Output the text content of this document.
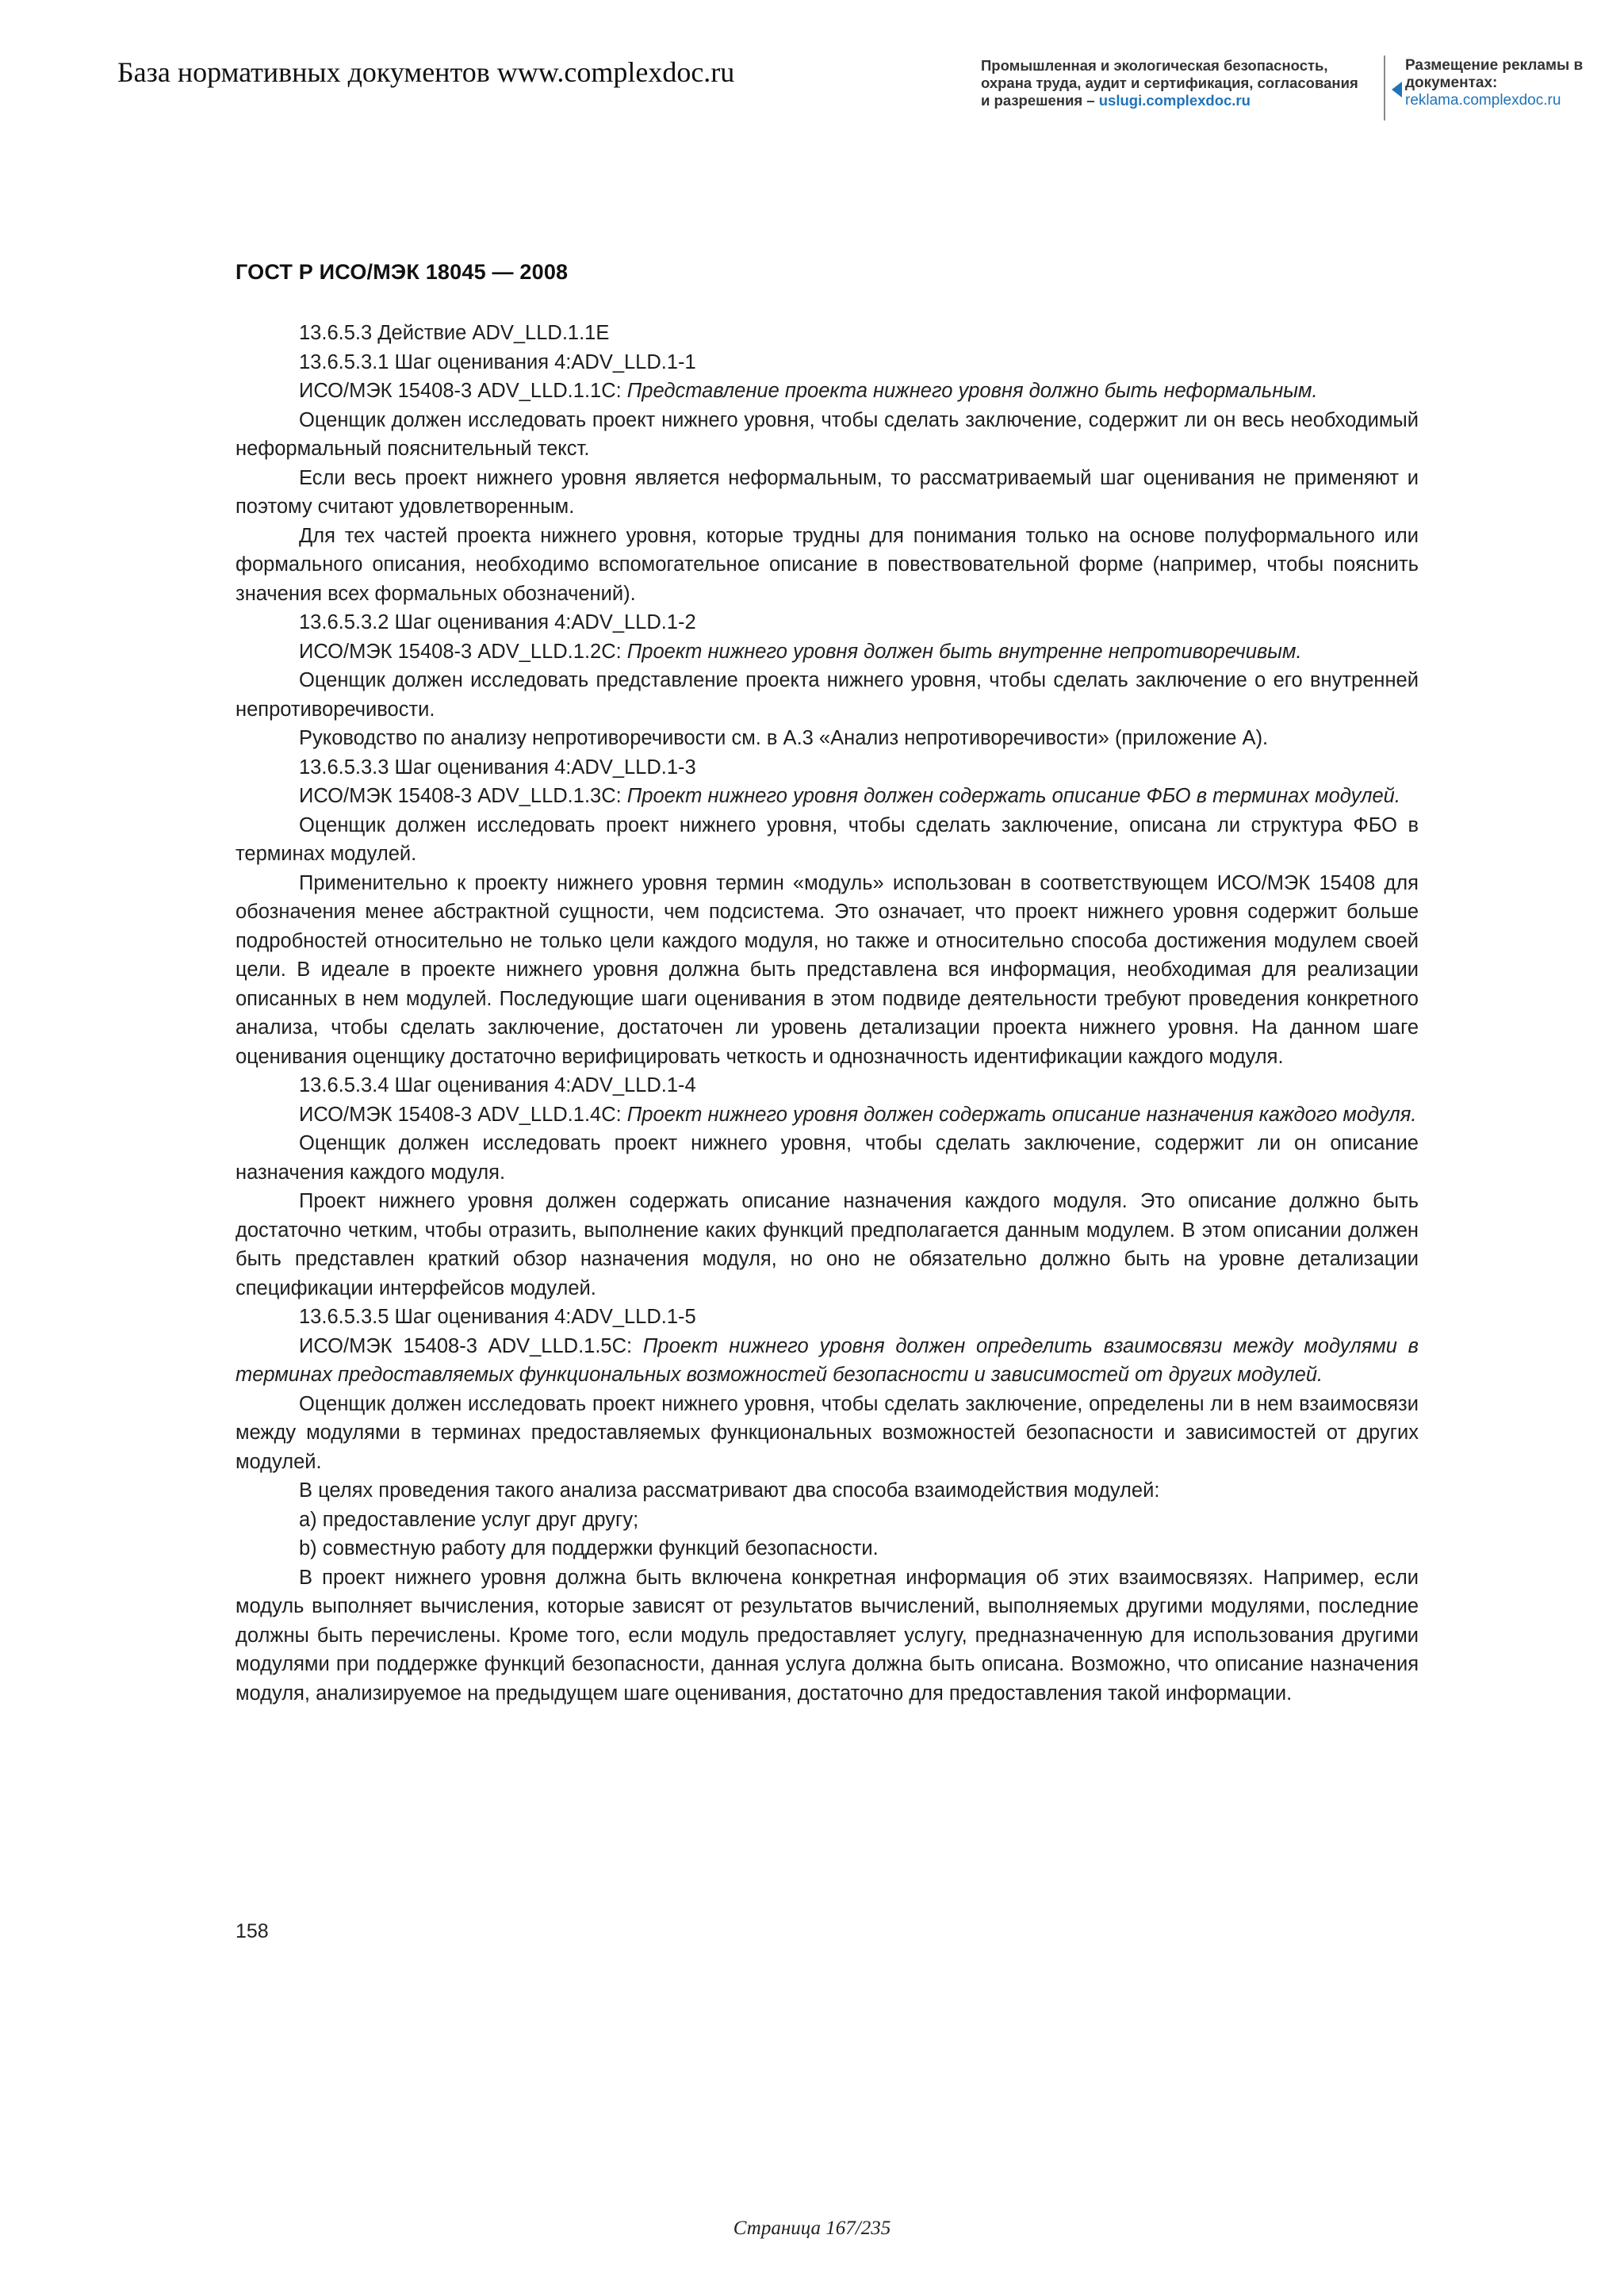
База нормативных документов www.complexdoc.ru	Промышленная и экологическая безопасность, охрана труда, аудит и сертификация, согласования и разрешения – uslugi.complexdoc.ru
Размещение рекламы в документах:
reklama.complexdoc.ru
ГОСТ Р ИСО/МЭК 18045 — 2008

13.6.5.3 Действие ADV_LLD.1.1E

13.6.5.3.1 Шаг оценивания 4:ADV_LLD.1-1

ИСО/МЭК 15408-3 ADV_LLD.1.1C: Представление проекта нижнего уровня должно быть неформальным.

Оценщик должен исследовать проект нижнего уровня, чтобы сделать заключение, содержит ли он весь необходимый неформальный пояснительный текст.

Если весь проект нижнего уровня является неформальным, то рассматриваемый шаг оценивания не применяют и поэтому считают удовлетворенным.

Для тех частей проекта нижнего уровня, которые трудны для понимания только на основе полуформального или формального описания, необходимо вспомогательное описание в повествовательной форме (например, чтобы пояснить значения всех формальных обозначений).

13.6.5.3.2 Шаг оценивания 4:ADV_LLD.1-2

ИСО/МЭК 15408-3 ADV_LLD.1.2C: Проект нижнего уровня должен быть внутренне непротиворечивым.

Оценщик должен исследовать представление проекта нижнего уровня, чтобы сделать заключение о его внутренней непротиворечивости.

Руководство по анализу непротиворечивости см. в А.3 «Анализ непротиворечивости» (приложение А).

13.6.5.3.3 Шаг оценивания 4:ADV_LLD.1-3

ИСО/МЭК 15408-3 ADV_LLD.1.3C: Проект нижнего уровня должен содержать описание ФБО в терминах модулей.

Оценщик должен исследовать проект нижнего уровня, чтобы сделать заключение, описана ли структура ФБО в терминах модулей.

Применительно к проекту нижнего уровня термин «модуль» использован в соответствующем ИСО/МЭК 15408 для обозначения менее абстрактной сущности, чем подсистема. Это означает, что проект нижнего уровня содержит больше подробностей относительно не только цели каждого модуля, но также и относительно способа достижения модулем своей цели. В идеале в проекте нижнего уровня должна быть представлена вся информация, необходимая для реализации описанных в нем модулей. Последующие шаги оценивания в этом подвиде деятельности требуют проведения конкретного анализа, чтобы сделать заключение, достаточен ли уровень детализации проекта нижнего уровня. На данном шаге оценивания оценщику достаточно верифицировать четкость и однозначность идентификации каждого модуля.

13.6.5.3.4 Шаг оценивания 4:ADV_LLD.1-4

ИСО/МЭК 15408-3 ADV_LLD.1.4C: Проект нижнего уровня должен содержать описание назначения каждого модуля.

Оценщик должен исследовать проект нижнего уровня, чтобы сделать заключение, содержит ли он описание назначения каждого модуля.

Проект нижнего уровня должен содержать описание назначения каждого модуля. Это описание должно быть достаточно четким, чтобы отразить, выполнение каких функций предполагается данным модулем. В этом описании должен быть представлен краткий обзор назначения модуля, но оно не обязательно должно быть на уровне детализации спецификации интерфейсов модулей.

13.6.5.3.5 Шаг оценивания 4:ADV_LLD.1-5

ИСО/МЭК 15408-3 ADV_LLD.1.5C: Проект нижнего уровня должен определить взаимосвязи между модулями в терминах предоставляемых функциональных возможностей безопасности и зависимостей от других модулей.

Оценщик должен исследовать проект нижнего уровня, чтобы сделать заключение, определены ли в нем взаимосвязи между модулями в терминах предоставляемых функциональных возможностей безопасности и зависимостей от других модулей.

В целях проведения такого анализа рассматривают два способа взаимодействия модулей:

a) предоставление услуг друг другу;

b) совместную работу для поддержки функций безопасности.

В проект нижнего уровня должна быть включена конкретная информация об этих взаимосвязях. Например, если модуль выполняет вычисления, которые зависят от результатов вычислений, выполняемых другими модулями, последние должны быть перечислены. Кроме того, если модуль предоставляет услугу, предназначенную для использования другими модулями при поддержке функций безопасности, данная услуга должна быть описана. Возможно, что описание назначения модуля, анализируемое на предыдущем шаге оценивания, достаточно для предоставления такой информации.

158
Страница 167/235
